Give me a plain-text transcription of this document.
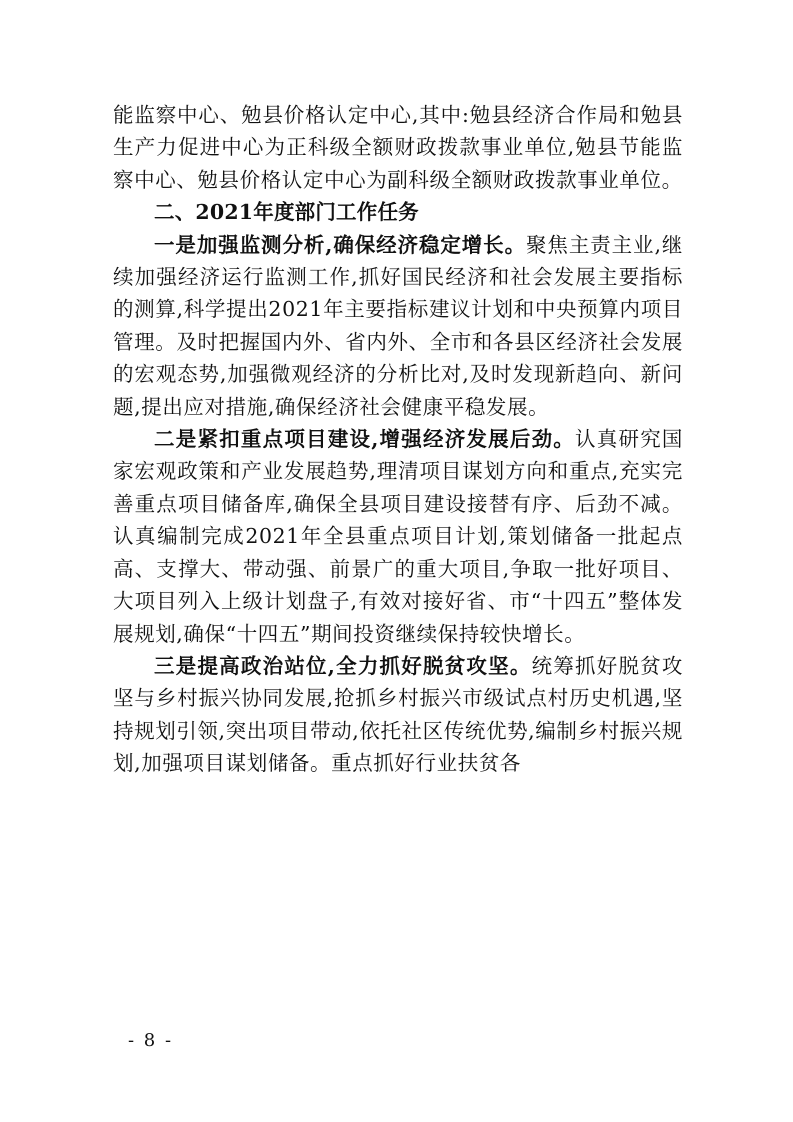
能监察中心、勉县价格认定中心,其中:勉县经济合作局和勉县生产力促进中心为正科级全额财政拨款事业单位,勉县节能监察中心、勉县价格认定中心为副科级全额财政拨款事业单位。

二、2021年度部门工作任务

一是加强监测分析,确保经济稳定增长。聚焦主责主业,继续加强经济运行监测工作,抓好国民经济和社会发展主要指标的测算,科学提出2021年主要指标建议计划和中央预算内项目管理。及时把握国内外、省内外、全市和各县区经济社会发展的宏观态势,加强微观经济的分析比对,及时发现新趋向、新问题,提出应对措施,确保经济社会健康平稳发展。

二是紧扣重点项目建设,增强经济发展后劲。认真研究国家宏观政策和产业发展趋势,理清项目谋划方向和重点,充实完善重点项目储备库,确保全县项目建设接替有序、后劲不减。认真编制完成2021年全县重点项目计划,策划储备一批起点高、支撑大、带动强、前景广的重大项目,争取一批好项目、大项目列入上级计划盘子,有效对接好省、市“十四五”整体发展规划,确保“十四五”期间投资继续保持较快增长。

三是提高政治站位,全力抓好脱贫攻坚。统筹抓好脱贫攻坚与乡村振兴协同发展,抢抓乡村振兴市级试点村历史机遇,坚持规划引领,突出项目带动,依托社区传统优势,编制乡村振兴规划,加强项目谋划储备。重点抓好行业扶贫各

- 8 -
